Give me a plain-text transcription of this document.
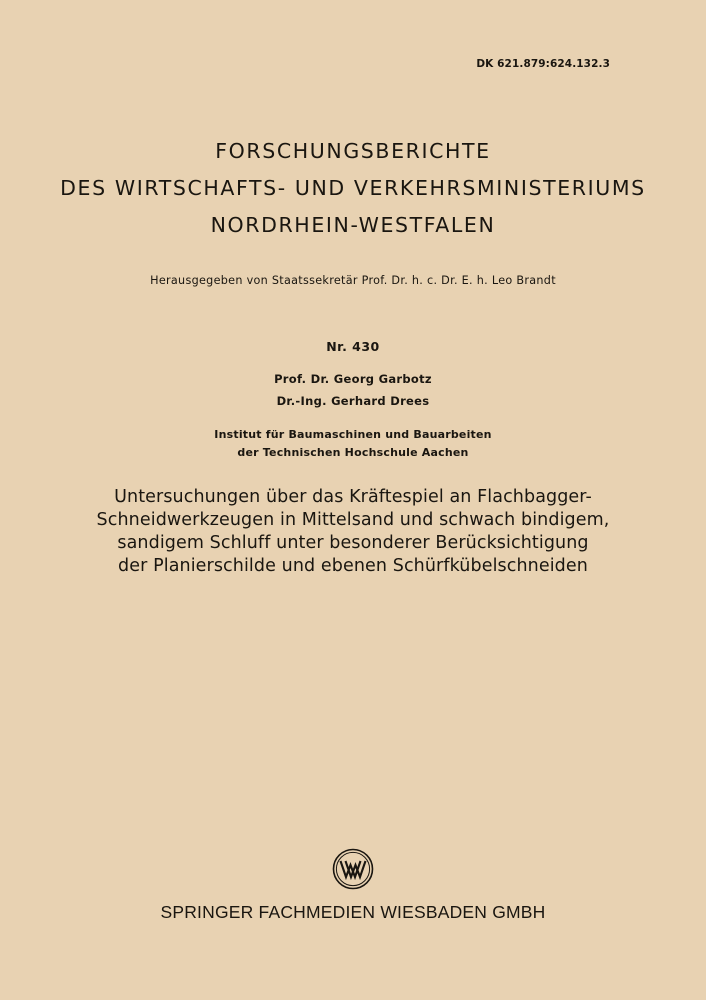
DK 621.879:624.132.3
FORSCHUNGSBERICHTE
DES WIRTSCHAFTS- UND VERKEHRSMINISTERIUMS
NORDRHEIN-WESTFALEN
Herausgegeben von Staatssekretär Prof. Dr. h. c. Dr. E. h. Leo Brandt
Nr. 430
Prof. Dr. Georg Garbotz
Dr.-Ing. Gerhard Drees
Institut für Baumaschinen und Bauarbeiten
der Technischen Hochschule Aachen
Untersuchungen über das Kräftespiel an Flachbagger-
Schneidwerkzeugen in Mittelsand und schwach bindigem,
sandigem Schluff unter besonderer Berücksichtigung
der Planierschilde und ebenen Schürfkübelschneiden
SPRINGER FACHMEDIEN WIESBADEN GMBH
